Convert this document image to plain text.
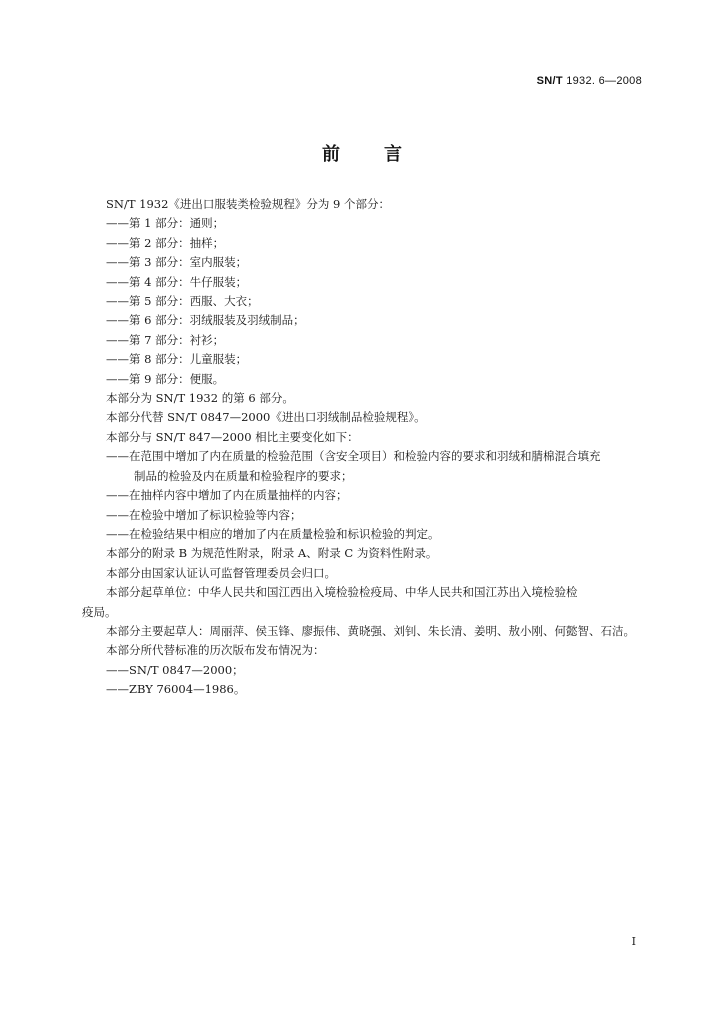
SN/T 1932. 6—2008
前言
SN/T 1932《进出口服装类检验规程》分为 9 个部分：
——第 1 部分：通则；
——第 2 部分：抽样；
——第 3 部分：室内服装；
——第 4 部分：牛仔服装；
——第 5 部分：西服、大衣；
——第 6 部分：羽绒服装及羽绒制品；
——第 7 部分：衬衫；
——第 8 部分：儿童服装；
——第 9 部分：便服。
本部分为 SN/T 1932 的第 6 部分。
本部分代替 SN/T 0847—2000《进出口羽绒制品检验规程》。
本部分与 SN/T 847—2000 相比主要变化如下：
——在范围中增加了内在质量的检验范围（含安全项目）和检验内容的要求和羽绒和腈棉混合填充
制品的检验及内在质量和检验程序的要求；
——在抽样内容中增加了内在质量抽样的内容；
——在检验中增加了标识检验等内容；
——在检验结果中相应的增加了内在质量检验和标识检验的判定。
本部分的附录 B 为规范性附录，附录 A、附录 C 为资料性附录。
本部分由国家认证认可监督管理委员会归口。
本部分起草单位：中华人民共和国江西出入境检验检疫局、中华人民共和国江苏出入境检验检
疫局。
本部分主要起草人：周丽萍、侯玉锋、廖振伟、黄晓强、刘钊、朱长清、姜明、敖小刚、何懿智、石洁。
本部分所代替标准的历次版布发布情况为：
——SN/T 0847—2000；
——ZBY 76004—1986。
I
